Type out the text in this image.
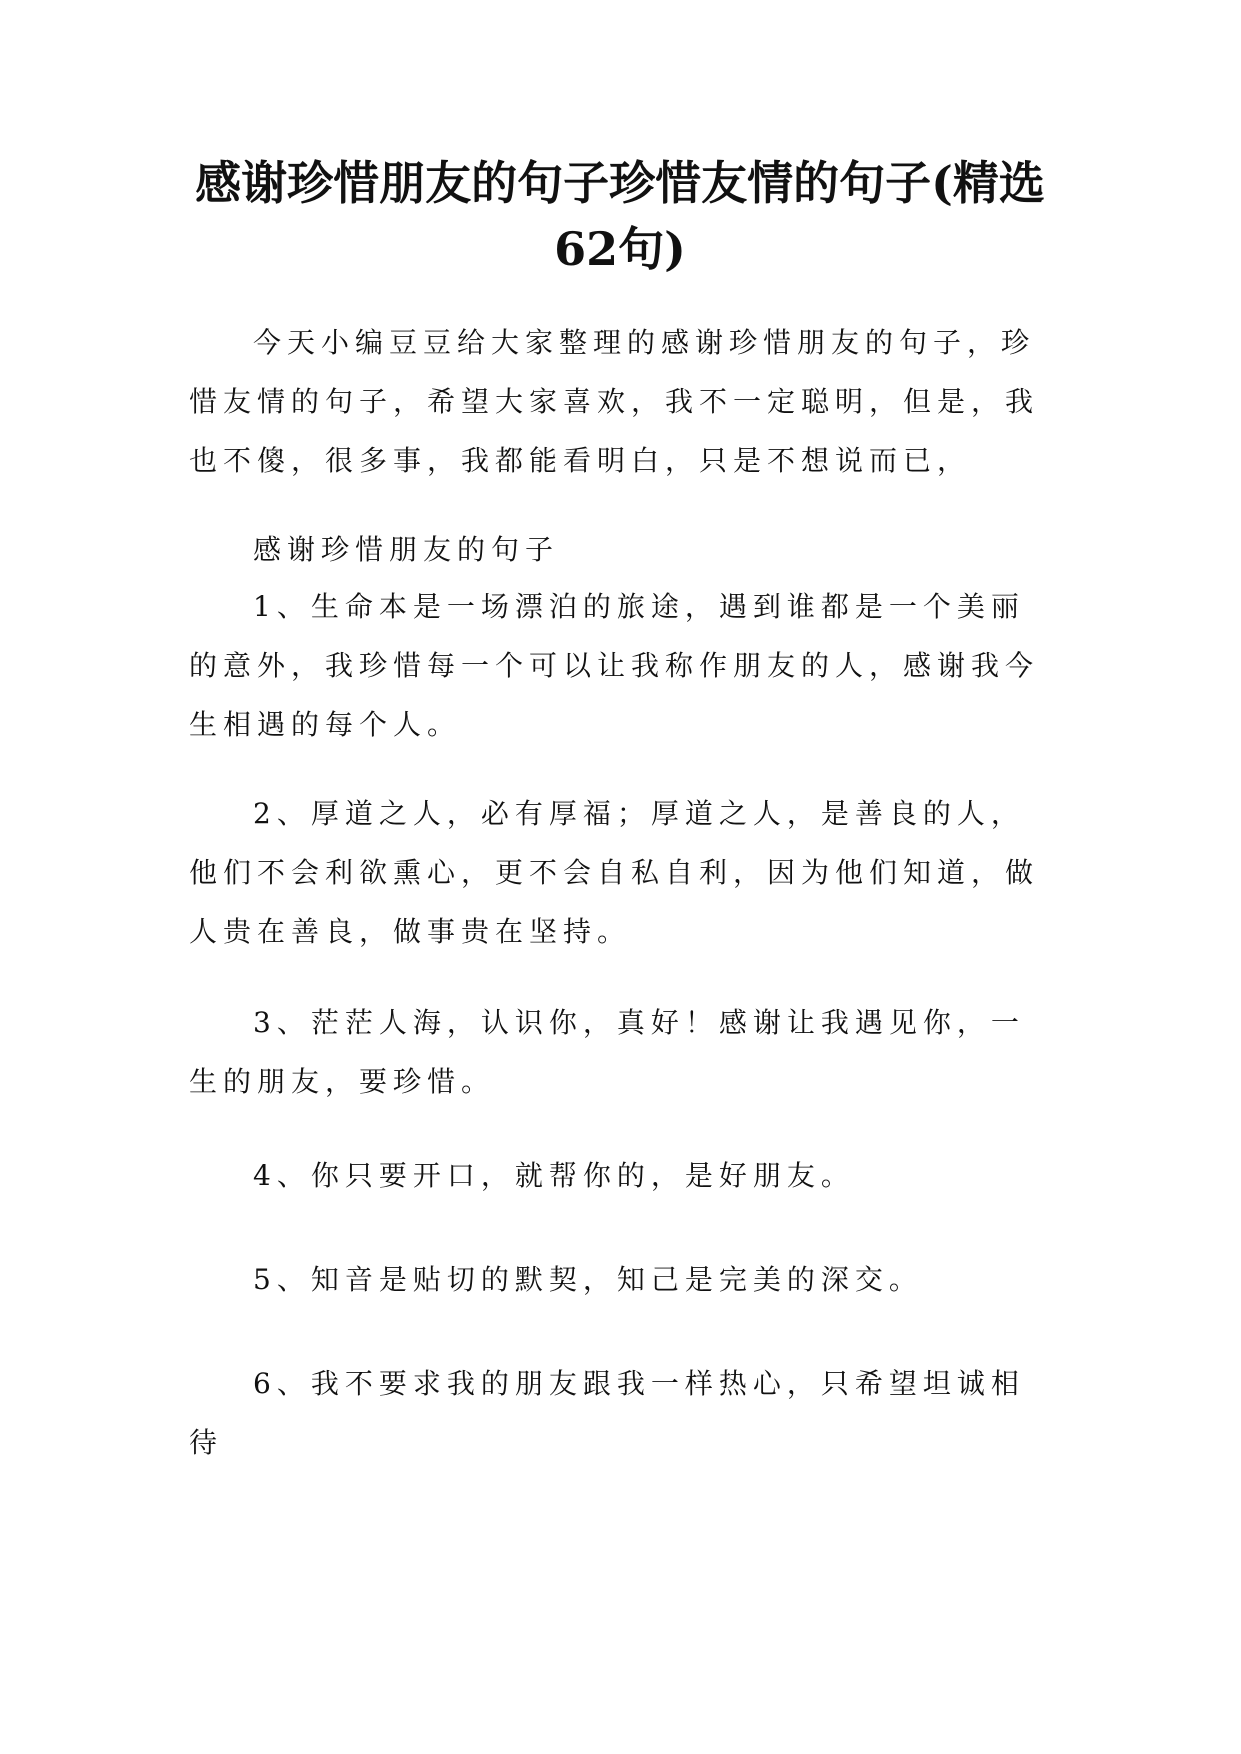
感谢珍惜朋友的句子珍惜友情的句子(精选62句)

今天小编豆豆给大家整理的感谢珍惜朋友的句子，珍惜友情的句子，希望大家喜欢，我不一定聪明，但是，我也不傻，很多事，我都能看明白，只是不想说而已，

感谢珍惜朋友的句子

1、生命本是一场漂泊的旅途，遇到谁都是一个美丽的意外，我珍惜每一个可以让我称作朋友的人，感谢我今生相遇的每个人。

2、厚道之人，必有厚福；厚道之人，是善良的人，他们不会利欲熏心，更不会自私自利，因为他们知道，做人贵在善良，做事贵在坚持。

3、茫茫人海，认识你，真好！感谢让我遇见你，一生的朋友，要珍惜。

4、你只要开口，就帮你的，是好朋友。

5、知音是贴切的默契，知己是完美的深交。

6、我不要求我的朋友跟我一样热心，只希望坦诚相待
